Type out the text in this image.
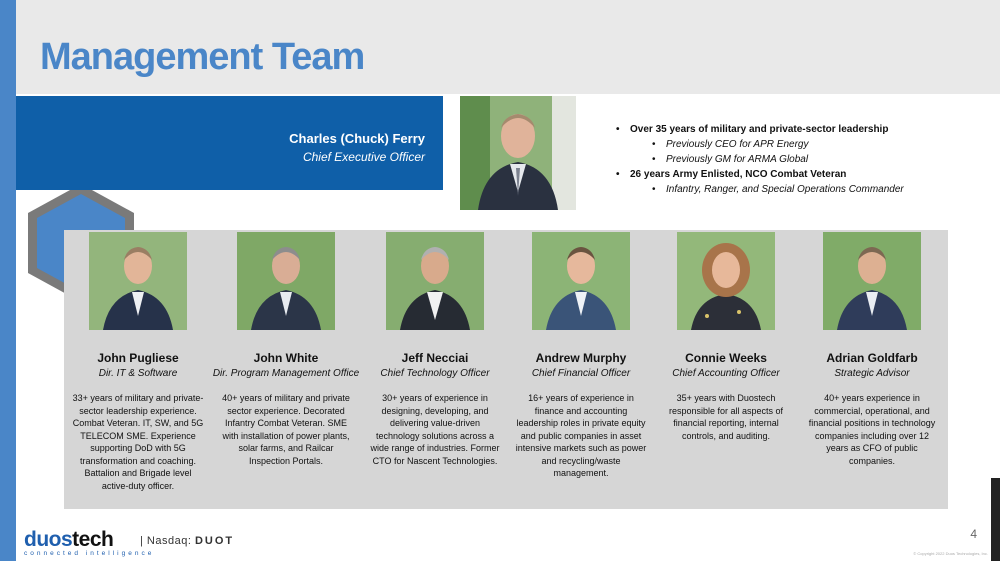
Management Team
Charles (Chuck) Ferry
Chief Executive Officer
• Over 35 years of military and private-sector leadership
• Previously CEO for APR Energy
• Previously GM for ARMA Global
• 26 years Army Enlisted, NCO Combat Veteran
• Infantry, Ranger, and Special Operations Commander
John Pugliese
Dir. IT & Software
33+ years of military and private-sector leadership experience. Combat Veteran. IT, SW, and 5G TELECOM SME. Experience supporting DoD with 5G transformation and coaching. Battalion and Brigade level active-duty officer.
John White
Dir. Program Management Office
40+ years of military and private sector experience. Decorated Infantry Combat Veteran. SME with installation of power plants, solar farms, and Railcar Inspection Portals.
Jeff Necciai
Chief Technology Officer
30+ years of experience in designing, developing, and delivering value-driven technology solutions across a wide range of industries. Former CTO for Nascent Technologies.
Andrew Murphy
Chief Financial Officer
16+ years of experience in finance and accounting leadership roles in private equity and public companies in asset intensive markets such as power and recycling/waste management.
Connie Weeks
Chief Accounting Officer
35+ years with Duostech responsible for all aspects of financial reporting, internal controls, and auditing.
Adrian Goldfarb
Strategic Advisor
40+ years experience in commercial, operational, and financial positions in technology companies including over 12 years as CFO of public companies.
duostech
connected intelligence
| Nasdaq: DUOT	4
© Copyright 2022 Duos Technologies, Inc.
